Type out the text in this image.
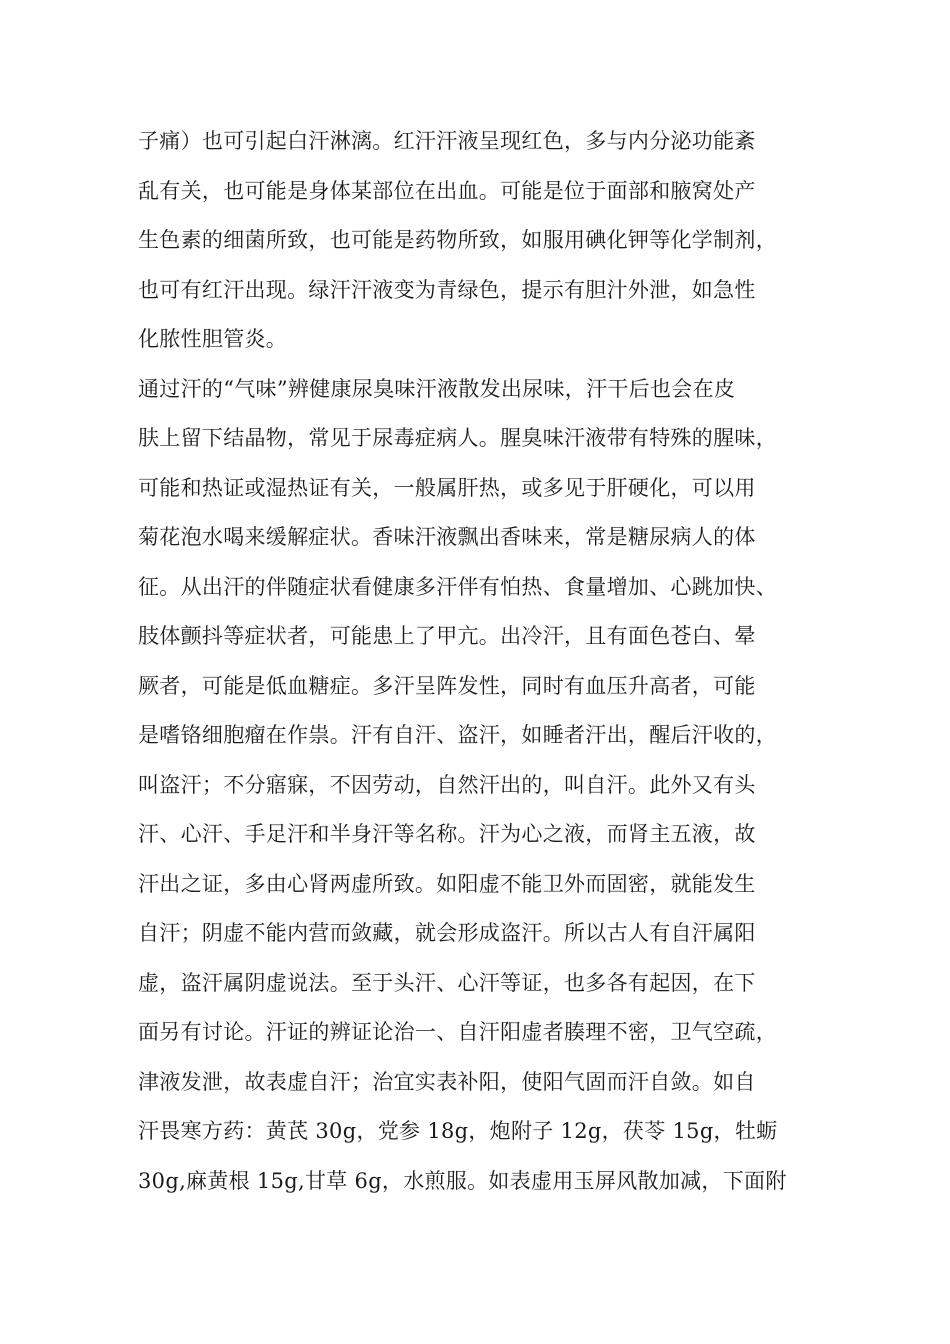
子痛）也可引起白汗淋漓。红汗汗液呈现红色，多与内分泌功能紊
乱有关，也可能是身体某部位在出血。可能是位于面部和腋窝处产
生色素的细菌所致，也可能是药物所致，如服用碘化钾等化学制剂，
也可有红汗出现。绿汗汗液变为青绿色，提示有胆汁外泄，如急性
化脓性胆管炎。
通过汗的“气味”辨健康尿臭味汗液散发出尿味，汗干后也会在皮
肤上留下结晶物，常见于尿毒症病人。腥臭味汗液带有特殊的腥味，
可能和热证或湿热证有关，一般属肝热，或多见于肝硬化，可以用
菊花泡水喝来缓解症状。香味汗液飘出香味来，常是糖尿病人的体
征。从出汗的伴随症状看健康多汗伴有怕热、食量增加、心跳加快、
肢体颤抖等症状者，可能患上了甲亢。出冷汗，且有面色苍白、晕
厥者，可能是低血糖症。多汗呈阵发性，同时有血压升高者，可能
是嗜铬细胞瘤在作祟。汗有自汗、盗汗，如睡者汗出，醒后汗收的，
叫盗汗；不分寤寐，不因劳动，自然汗出的，叫自汗。此外又有头
汗、心汗、手足汗和半身汗等名称。汗为心之液，而肾主五液，故
汗出之证，多由心肾两虚所致。如阳虚不能卫外而固密，就能发生
自汗；阴虚不能内营而敛藏，就会形成盗汗。所以古人有自汗属阳
虚，盗汗属阴虚说法。至于头汗、心汗等证，也多各有起因，在下
面另有讨论。汗证的辨证论治一、自汗阳虚者腠理不密，卫气空疏，
津液发泄，故表虚自汗；治宜实表补阳，使阳气固而汗自敛。如自
汗畏寒方药：黄芪 30g，党参 18g，炮附子 12g，茯苓 15g，牡蛎
30g,麻黄根 15g,甘草 6g，水煎服。如表虚用玉屏风散加减，下面附
